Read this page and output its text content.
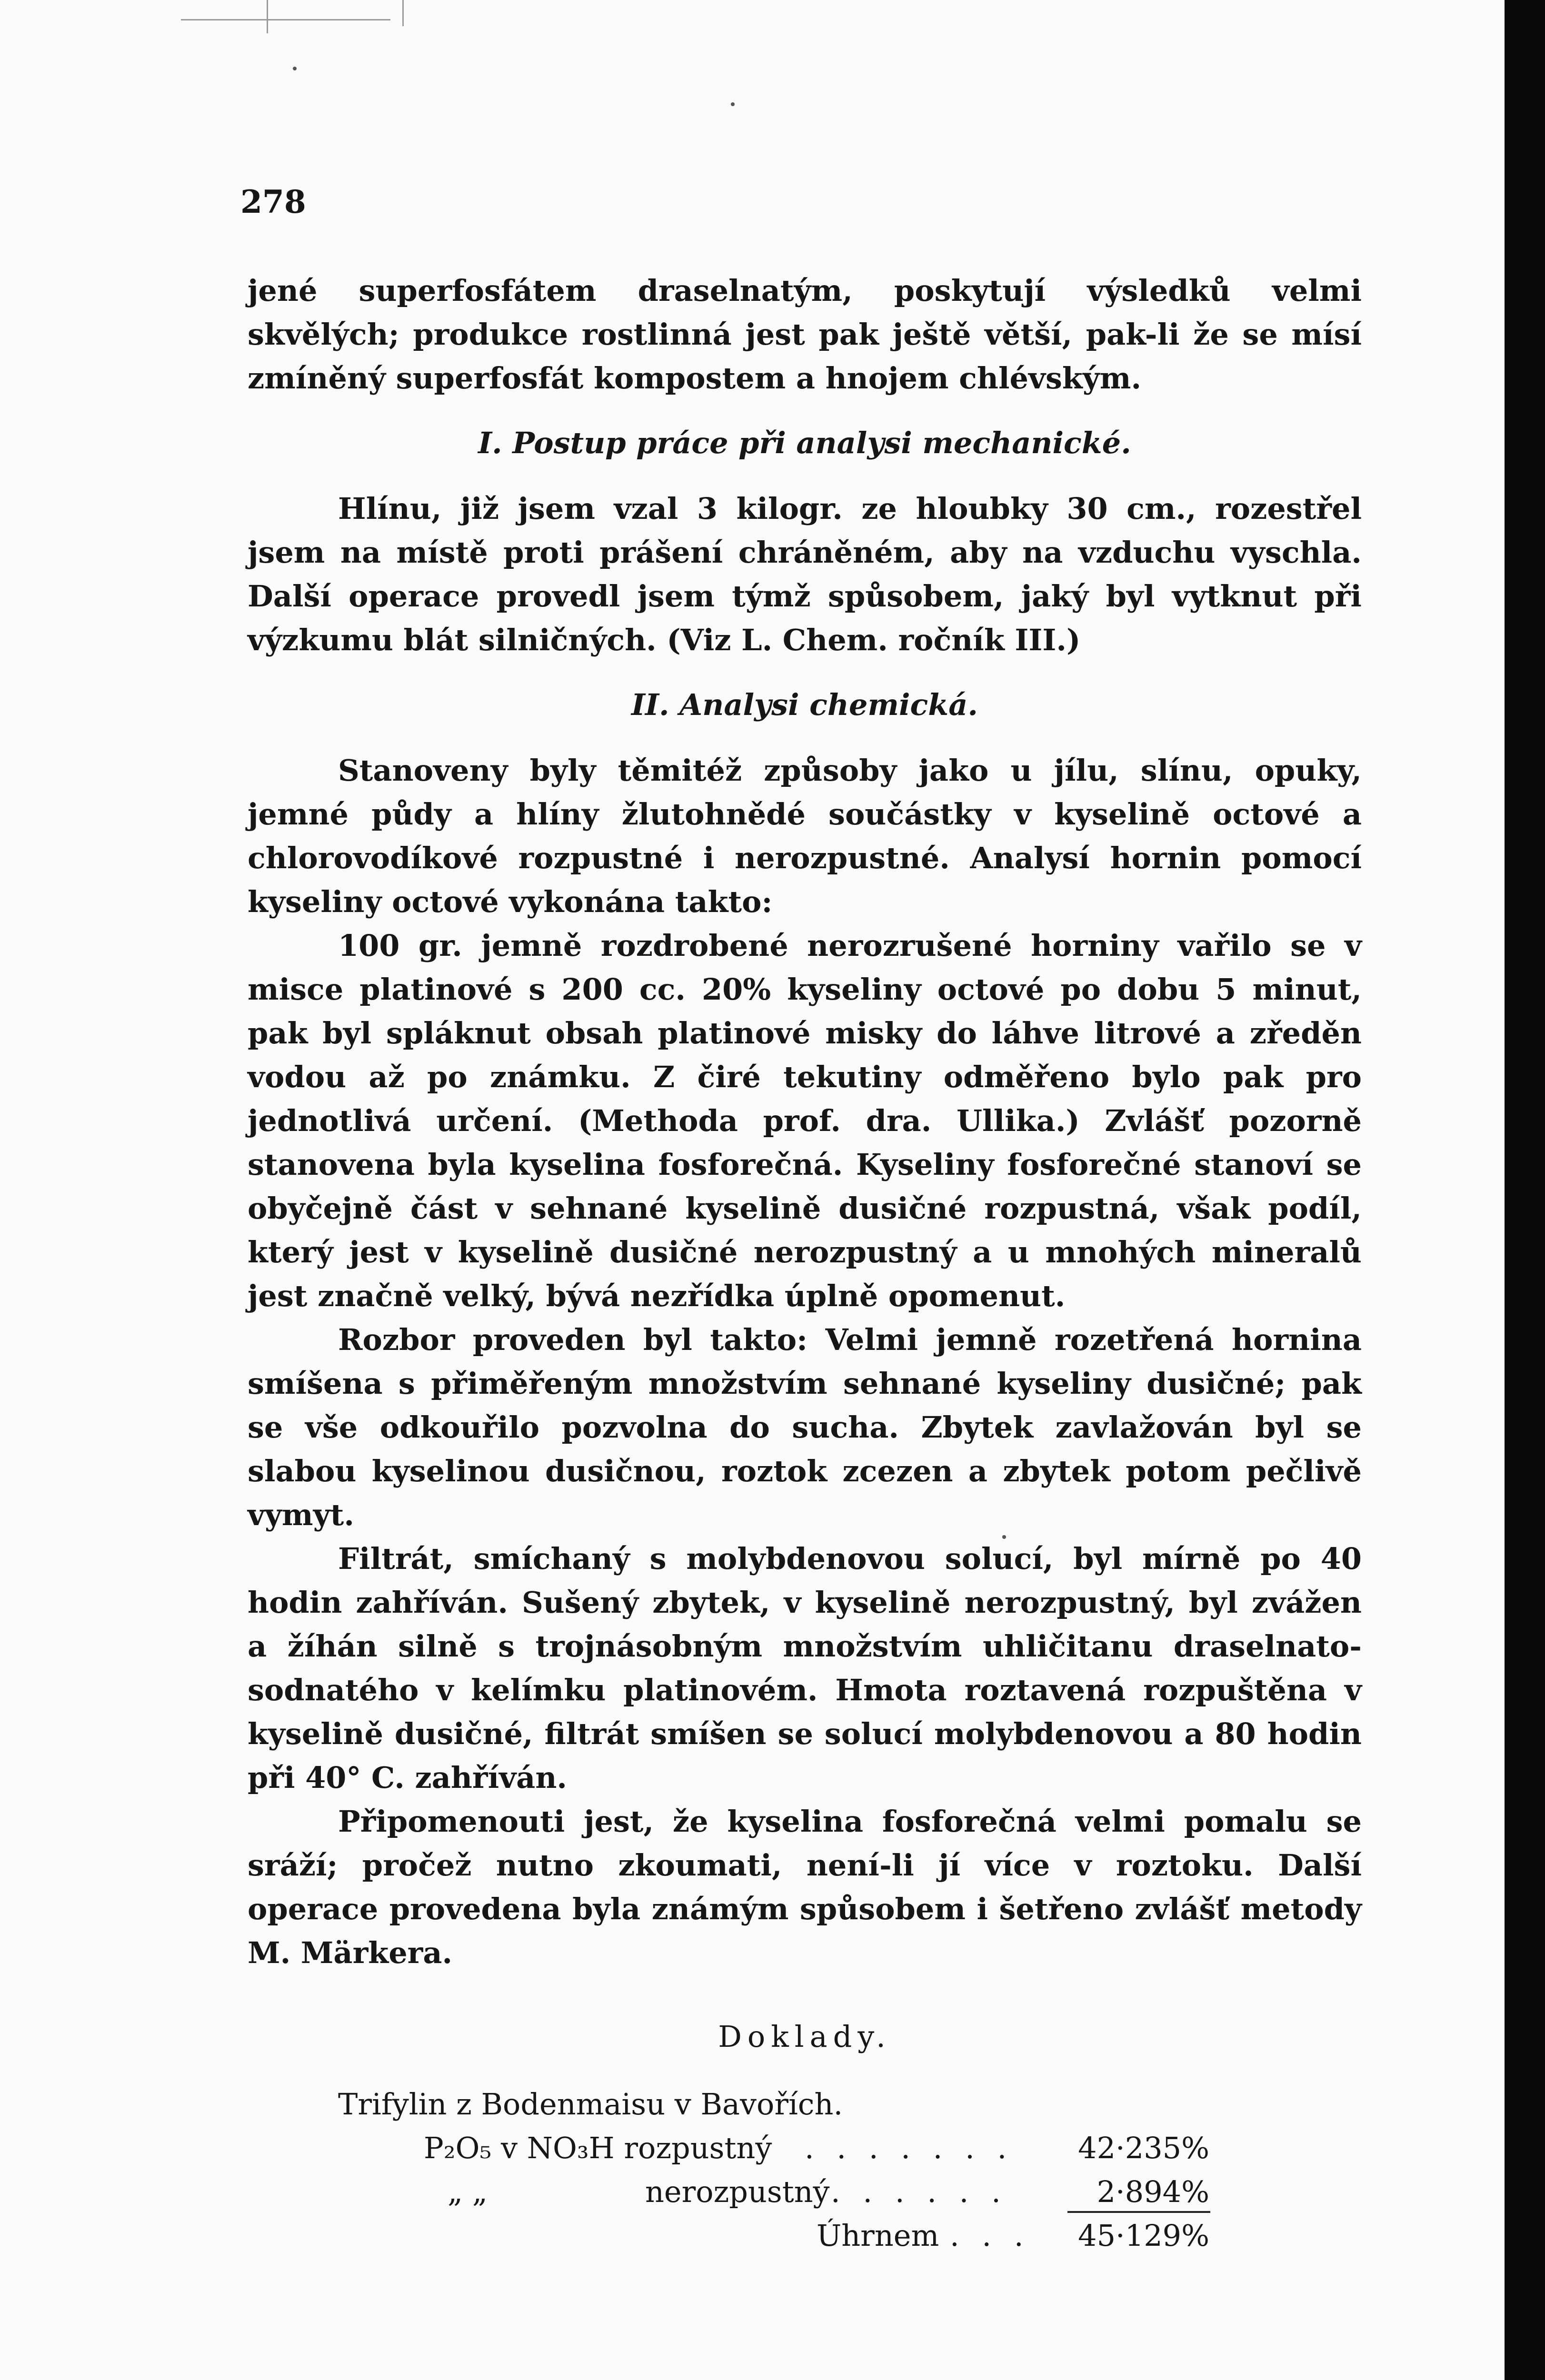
278

jené superfosfátem draselnatým, poskytují výsledků velmi skvělých; produkce rostlinná jest pak ještě větší, pak-li že se mísí zmíněný superfosfát kompostem a hnojem chlévským.

I. Postup práce při analysi mechanické.

Hlínu, již jsem vzal 3 kilogr. ze hloubky 30 cm., rozestřel jsem na místě proti prášení chráněném, aby na vzduchu vyschla. Další operace provedl jsem týmž spůsobem, jaký byl vytknut při výzkumu blát silničných. (Viz L. Chem. ročník III.)

II. Analysi chemická.

Stanoveny byly těmitéž způsoby jako u jílu, slínu, opuky, jemné půdy a hlíny žlutohnědé součástky v kyselině octové a chlorovodíkové rozpustné i nerozpustné. Analysí hornin pomocí kyseliny octové vykonána takto:

100 gr. jemně rozdrobené nerozrušené horniny vařilo se v misce platinové s 200 cc. 20% kyseliny octové po dobu 5 minut, pak byl spláknut obsah platinové misky do láhve litrové a zředěn vodou až po známku. Z čiré tekutiny odměřeno bylo pak pro jednotlivá určení. (Methoda prof. dra. Ullika.) Zvlášť pozorně stanovena byla kyselina fosforečná. Kyseliny fosforečné stanoví se obyčejně část v sehnané kyselině dusičné rozpustná, však podíl, který jest v kyselině dusičné nerozpustný a u mnohých mineralů jest značně velký, bývá nezřídka úplně opomenut.

Rozbor proveden byl takto: Velmi jemně rozetřená hornina smíšena s přiměřeným množstvím sehnané kyseliny dusičné; pak se vše odkouřilo pozvolna do sucha. Zbytek zavlažován byl se slabou kyselinou dusičnou, roztok zcezen a zbytek potom pečlivě vymyt.

Filtrát, smíchaný s molybdenovou solucí, byl mírně po 40 hodin zahříván. Sušený zbytek, v kyselině nerozpustný, byl zvážen a žíhán silně s trojnásobným množstvím uhličitanu draselnato-sodnatého v kelímku platinovém. Hmota roztavená rozpuštěna v kyselině dusičné, filtrát smíšen se solucí molybdenovou a 80 hodin při 40° C. zahříván.

Připomenouti jest, že kyselina fosforečná velmi pomalu se sráží; pročež nutno zkoumati, není-li jí více v roztoku. Další operace provedena byla známým spůsobem i šetřeno zvlášť metody M. Märkera.

Doklady.

Trifylin z Bodenmaisu v Bavořích.

P₂O₅ v NO₃H rozpustný . . . . . . . 42·235%
„ „	nerozpustný . . . . . .	2·894%
Úhrnem . . . 45·129%
